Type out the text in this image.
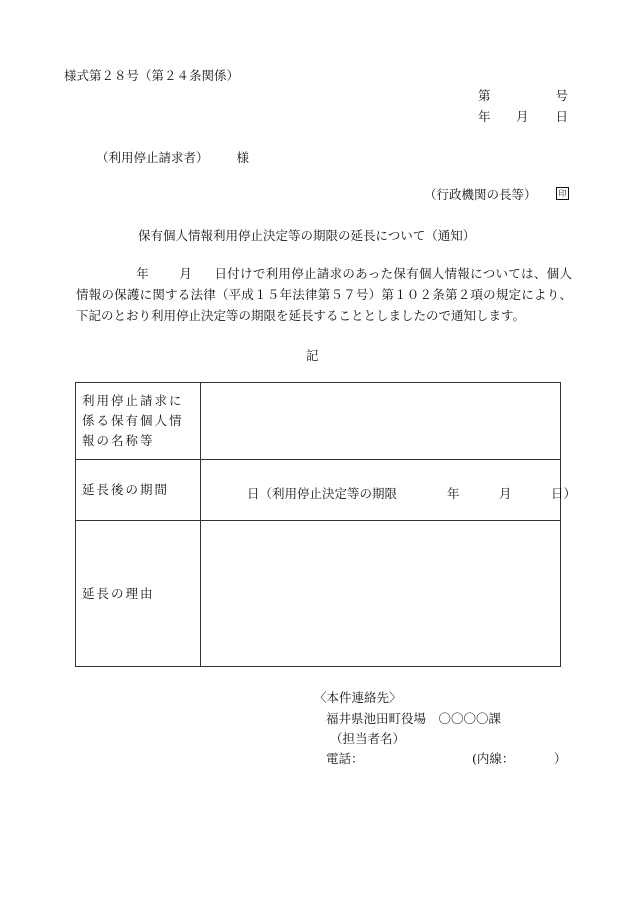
様式第２８号（第２４条関係）
第	号
年 月 日
（利用停止請求者） 様
（行政機関の長等）	印
保有個人情報利用停止決定等の期限の延長について（通知）
年 月 日付けで利用停止請求のあった保有個人情報については、個人情報の保護に関する法律（平成１５年法律第５７号）第１０２条第２項の規定により、下記のとおり利用停止決定等の期限を延長することとしましたので通知します。
記
利用停止請求に係る保有個人情報の名称等	
延長後の期間	日（利用停止決定等の期限 年 月 日）

延長の理由	
〈本件連絡先〉
福井県池田町役場　〇〇〇〇課
（担当者名）
電話：	(内線：	）
